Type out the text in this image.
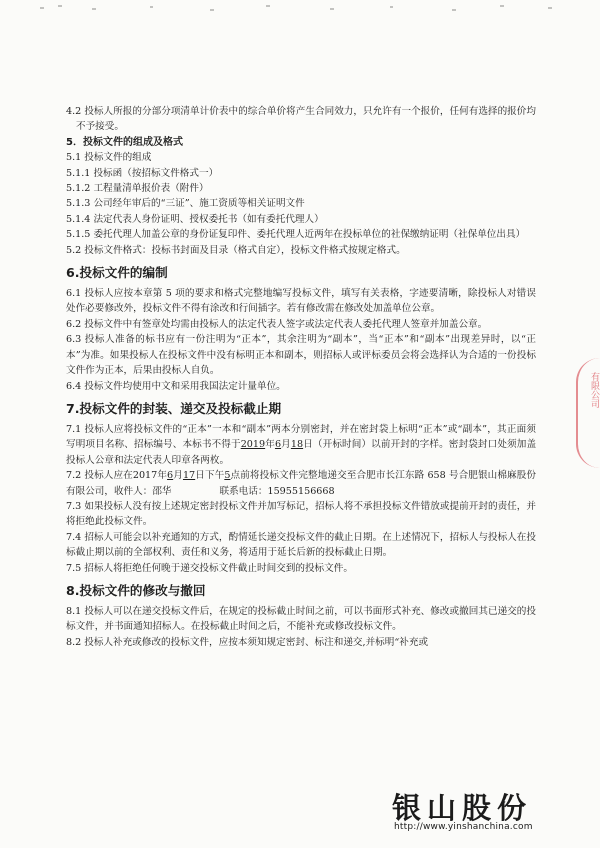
4.2 投标人所报的分部分项清单计价表中的综合单价将产生合同效力，只允许有一个报价，任何有选择的报价均不予接受。

5．投标文件的组成及格式

5.1 投标文件的组成

5.1.1 投标函（按招标文件格式一）

5.1.2 工程量清单报价表（附件）

5.1.3 公司经年审后的“三证”、施工资质等相关证明文件

5.1.4 法定代表人身份证明、授权委托书（如有委托代理人）

5.1.5 委托代理人加盖公章的身份证复印件、委托代理人近两年在投标单位的社保缴纳证明（社保单位出具）

5.2 投标文件格式：投标书封面及目录（格式自定），投标文件格式按规定格式。

6.投标文件的编制

6.1 投标人应按本章第 5 项的要求和格式完整地编写投标文件，填写有关表格，字迹要清晰，除投标人对错误处作必要修改外，投标文件不得有涂改和行间插字。若有修改需在修改处加盖单位公章。

6.2 投标文件中有签章处均需由投标人的法定代表人签字或法定代表人委托代理人签章并加盖公章。

6.3 投标人准备的标书应有一份注明为“正本”，其余注明为“副本”，当“正本”和“副本”出现差异时，以“正本”为准。如果投标人在投标文件中没有标明正本和副本，则招标人或评标委员会将会选择认为合适的一份投标文件作为正本，后果由投标人自负。

6.4 投标文件均使用中文和采用我国法定计量单位。

7.投标文件的封装、递交及投标截止期

7.1 投标人应将投标文件的“正本”一本和“副本”两本分别密封，并在密封袋上标明“正本”或“副本”，其正面须写明项目名称、招标编号、本标书不得于2019年6月18日（开标时间）以前开封的字样。密封袋封口处须加盖投标人公章和法定代表人印章各两枚。

7.2 投标人应在2017年6月17日下午5点前将投标文件完整地递交至合肥市长江东路 658 号合肥银山棉麻股份有限公司，收件人：邵华　　　　　联系电话：15955156668

7.3 如果投标人没有按上述规定密封投标文件并加写标记，招标人将不承担投标文件错放或提前开封的责任，并将拒绝此投标文件。

7.4 招标人可能会以补充通知的方式，酌情延长递交投标文件的截止日期。在上述情况下，招标人与投标人在投标截止期以前的全部权利、责任和义务，将适用于延长后新的投标截止日期。

7.5 招标人将拒绝任何晚于递交投标文件截止时间交到的投标文件。

8.投标文件的修改与撤回

8.1 投标人可以在递交投标文件后，在规定的投标截止时间之前，可以书面形式补充、修改或撤回其已递交的投标文件，并书面通知招标人。在投标截止时间之后，不能补充或修改投标文件。

8.2 投标人补充或修改的投标文件，应按本须知规定密封、标注和递交,并标明“补充或

有限公司
银山股份
http://www.yinshanchina.com
